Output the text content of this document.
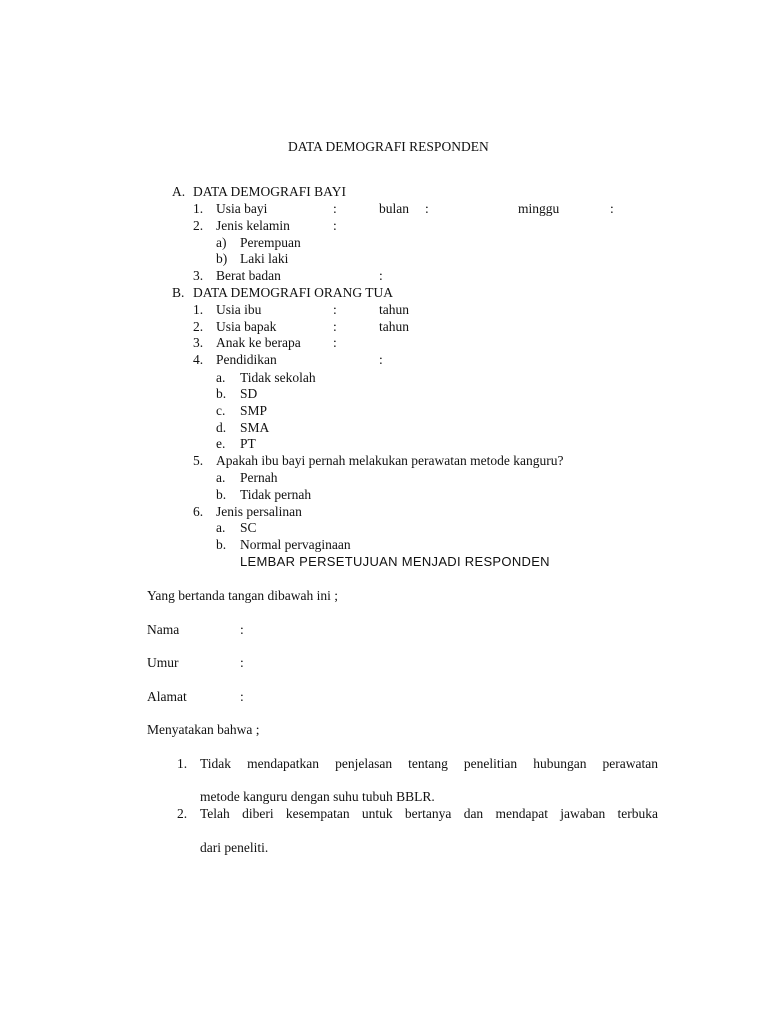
DATA DEMOGRAFI RESPONDEN
A. DATA DEMOGRAFI BAYI
1. Usia bayi	:	bulan :	minggu	:
2. Jenis kelamin	:
a) Perempuan
b) Laki laki
3. Berat badan	:
B. DATA DEMOGRAFI ORANG TUA
1. Usia ibu	:	tahun
2. Usia bapak	:	tahun
3. Anak ke berapa :
4. Pendidikan	:
a. Tidak sekolah
b. SD
c. SMP
d. SMA
e. PT
5. Apakah ibu bayi pernah melakukan perawatan metode kanguru?
a. Pernah
b. Tidak pernah
6. Jenis persalinan
a. SC
b. Normal pervaginaan
LEMBAR PERSETUJUAN MENJADI RESPONDEN
Yang bertanda tangan dibawah ini ;
Nama	:
Umur	:
Alamat	:
Menyatakan bahwa ;
1. Tidak mendapatkan penjelasan tentang penelitian hubungan perawatan
metode kanguru dengan suhu tubuh BBLR.
2. Telah diberi kesempatan untuk bertanya dan mendapat jawaban terbuka
dari peneliti.
